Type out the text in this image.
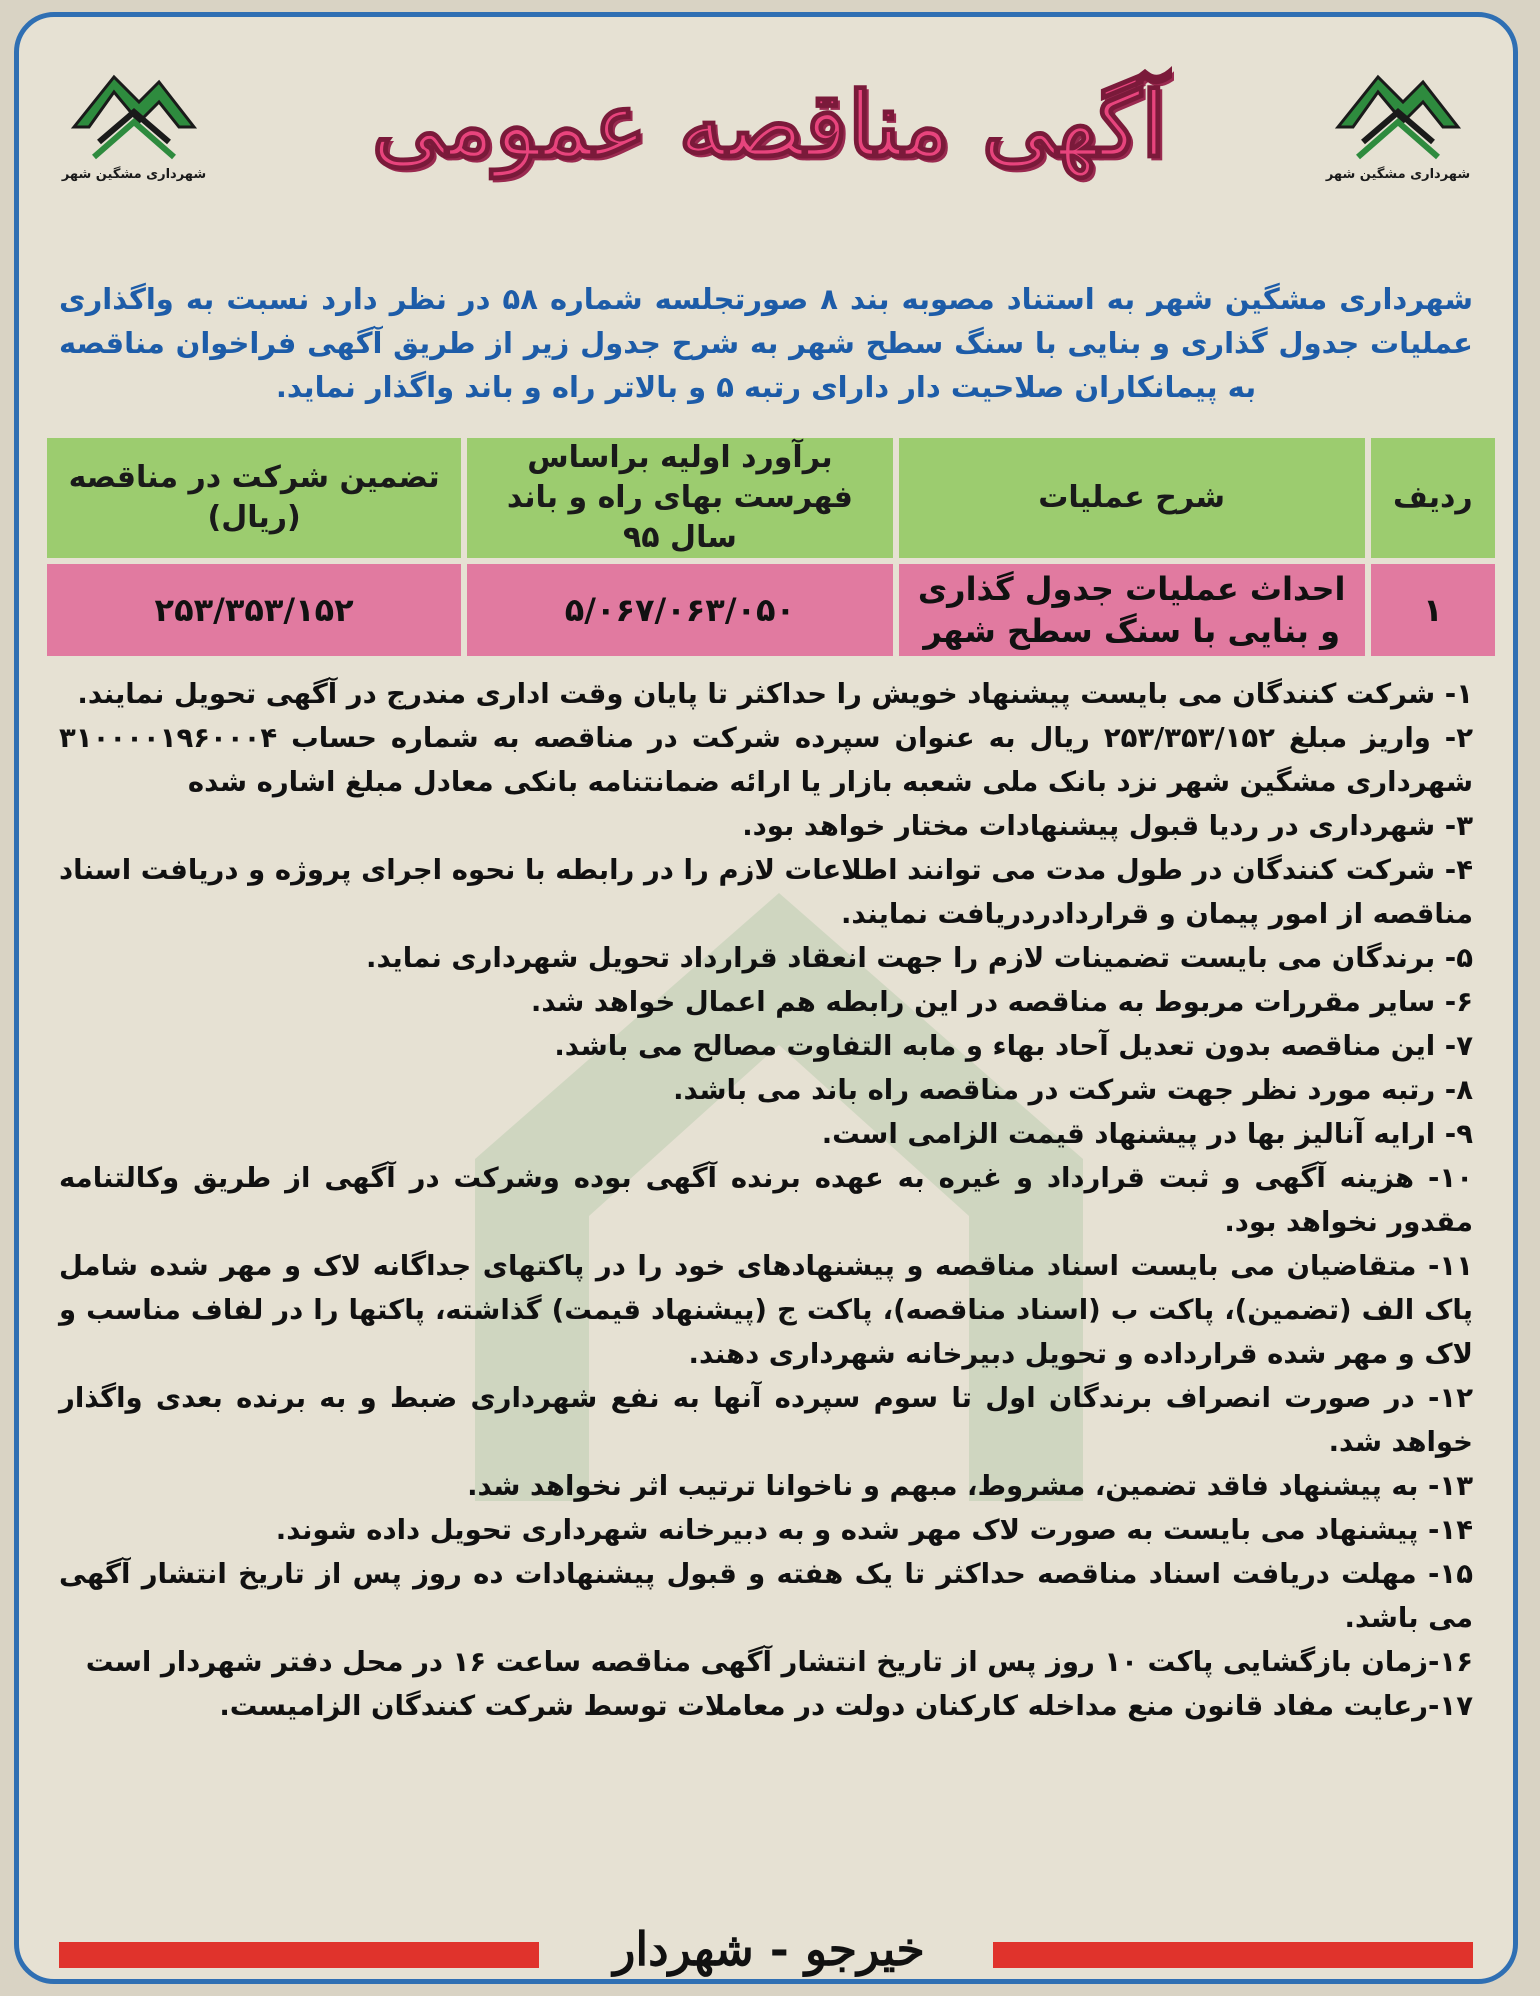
شهرداری مشگین شهر
شهرداری مشگین شهر	آگهی مناقصه عمومی
شهرداری مشگین شهر به استناد مصوبه بند ۸ صورتجلسه شماره ۵۸ در نظر دارد نسبت به واگذاری عملیات جدول گذاری و بنایی با سنگ سطح شهر به شرح جدول زیر از طریق آگهی فراخوان مناقصه به پیمانکاران صلاحیت دار دارای رتبه ۵ و بالاتر راه و باند واگذار نماید.
ردیف	شرح عملیات	برآورد اولیه براساس فهرست بهای راه و باند سال ۹۵	تضمین شرکت در مناقصه (ریال)
۱	احداث عملیات جدول گذاری و بنایی با سنگ سطح شهر	۵/۰۶۷/۰۶۳/۰۵۰	۲۵۳/۳۵۳/۱۵۲

۱- شرکت کنندگان می بایست پیشنهاد خویش را حداکثر تا پایان وقت اداری مندرج در آگهی تحویل نمایند.

۲- واریز مبلغ ۲۵۳/۳۵۳/۱۵۲ ریال به عنوان سپرده شرکت در مناقصه به شماره حساب ۳۱۰۰۰۰۱۹۶۰۰۰۴ شهرداری مشگین شهر نزد بانک ملی شعبه بازار یا ارائه ضمانتنامه بانکی معادل مبلغ اشاره شده

۳- شهرداری در ردیا قبول پیشنهادات مختار خواهد بود.

۴- شرکت کنندگان در طول مدت می توانند اطلاعات لازم را در رابطه با نحوه اجرای پروژه و دریافت اسناد مناقصه از امور پیمان و قراردادردریافت نمایند.

۵- برندگان می بایست تضمینات لازم را جهت انعقاد قرارداد تحویل شهرداری نماید.

۶- سایر مقررات مربوط به مناقصه در این رابطه هم اعمال خواهد شد.

۷- این مناقصه بدون تعدیل آحاد بهاء و مابه التفاوت مصالح می باشد.

۸- رتبه مورد نظر جهت شرکت در مناقصه راه باند می باشد.

۹- ارایه آنالیز بها در پیشنهاد قیمت الزامی است.

۱۰- هزینه آگهی و ثبت قرارداد و غیره به عهده برنده آگهی بوده وشرکت در آگهی از طریق وکالتنامه مقدور نخواهد بود.

۱۱- متقاضیان می بایست اسناد مناقصه و پیشنهادهای خود را در پاکتهای جداگانه لاک و مهر شده شامل پاک الف (تضمین)، پاکت ب (اسناد مناقصه)، پاکت ج (پیشنهاد قیمت) گذاشته، پاکتها را در لفاف مناسب و لاک و مهر شده قرارداده و تحویل دبیرخانه شهرداری دهند.

۱۲- در صورت انصراف برندگان اول تا سوم سپرده آنها به نفع شهرداری ضبط و به برنده بعدی واگذار خواهد شد.

۱۳- به پیشنهاد فاقد تضمین، مشروط، مبهم و ناخوانا ترتیب اثر نخواهد شد.

۱۴- پیشنهاد می بایست به صورت لاک مهر شده و به دبیرخانه شهرداری تحویل داده شوند.

۱۵- مهلت دریافت اسناد مناقصه حداکثر تا یک هفته و قبول پیشنهادات ده روز پس از تاریخ انتشار آگهی می باشد.

۱۶-زمان بازگشایی پاکت ۱۰ روز پس از تاریخ انتشار آگهی مناقصه ساعت ۱۶ در محل دفتر شهردار است

۱۷-رعایت مفاد قانون منع مداخله کارکنان دولت در معاملات توسط شرکت کنندگان الزامیست.

خیرجو - شهردار
